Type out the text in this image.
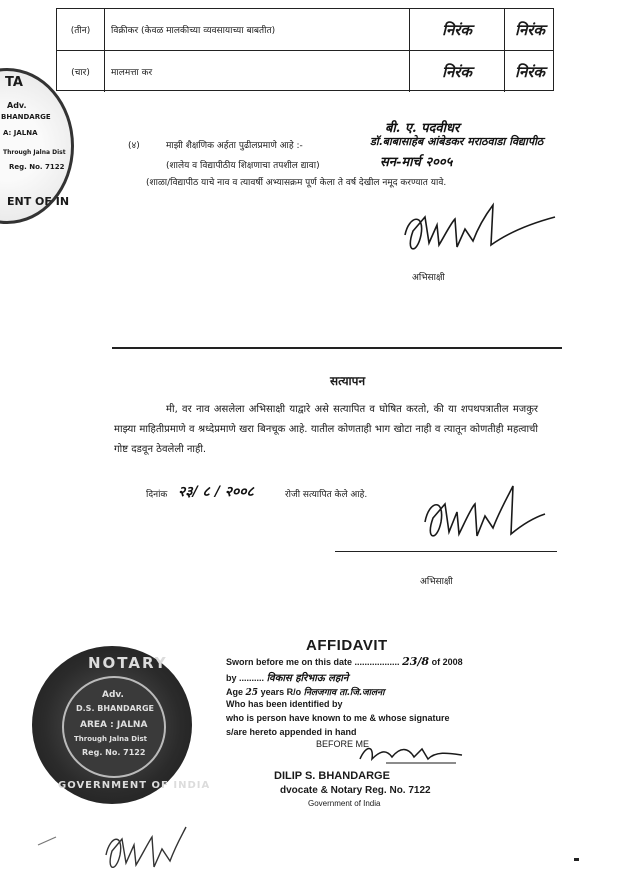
(तीन)	विक्रीकर (केवळ मालकीच्या व्यवसायाच्या बाबतीत)	निरंक	निरंक
(चार)	मालमत्ता कर	निरंक	निरंक
TA
Adv.
BHANDARGE
A: JALNA
Through Jalna Dist
Reg. No. 7122
ENT OF IN
(४)	माझी शैक्षणिक अर्हता पुढीलप्रमाणे आहे :-
(शालेय व विद्यापीठीय शिक्षणाचा तपशील द्यावा)
(शाळा/विद्यापीठ याचे नाव व त्यावर्षी अभ्यासक्रम पूर्ण केला ते वर्ष देखील नमूद करण्यात यावे.
बी. ए. पदवीधर
डॉ.बाबासाहेब आंबेडकर मराठवाडा विद्यापीठ
सन-मार्च २००५
अभिसाक्षी
सत्यापन
मी, वर नाव असलेला अभिसाक्षी याद्वारे असे सत्यापित व घोषित करतो, की या शपथपत्रातील मजकुर माझ्या माहितीप्रमाणे व श्रध्देप्रमाणे खरा बिनचूक आहे. यातील कोणताही भाग खोटा नाही व त्यातून कोणतीही महत्वाची गोष्ट दडवून ठेवलेली नाही.
दिनांक २३/ ८ / २००८	रोजी सत्यापित केले आहे.
अभिसाक्षी
NOTARY
Adv.
D.S. BHANDARGE
AREA : JALNA
Through Jalna Dist
Reg. No. 7122
GOVERNMENT OF INDIA
AFFIDAVIT
Sworn before me on this date .................. 23/8 of 2008
by .......... विकास हरिभाऊ लहाने
Age 25 years R/o निलजगाव ता.जि.जालना
Who has been identified by
who is person have known to me & whose signature
s/are hereto appended in hand
BEFORE ME
DILIP S. BHANDARGE
dvocate & Notary Reg. No. 7122
Government of India
